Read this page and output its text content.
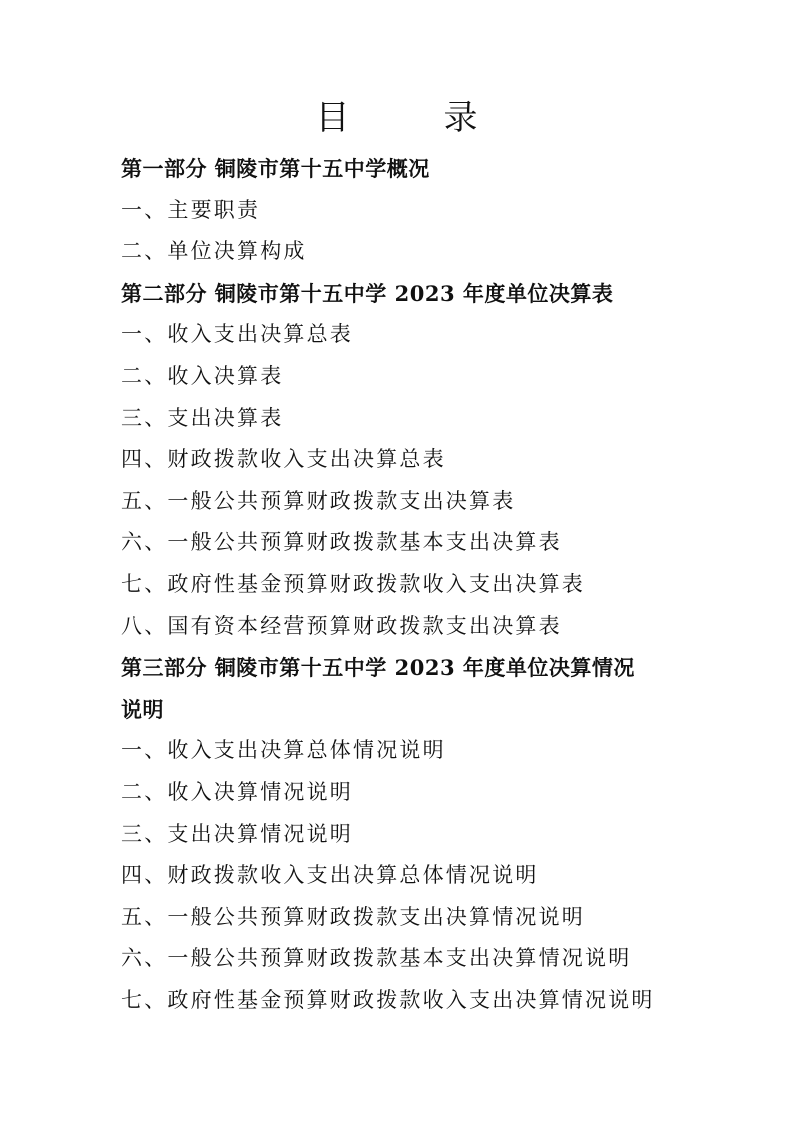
目　录
第一部分 铜陵市第十五中学概况
一、主要职责
二、单位决算构成
第二部分 铜陵市第十五中学 2023 年度单位决算表
一、收入支出决算总表
二、收入决算表
三、支出决算表
四、财政拨款收入支出决算总表
五、一般公共预算财政拨款支出决算表
六、一般公共预算财政拨款基本支出决算表
七、政府性基金预算财政拨款收入支出决算表
八、国有资本经营预算财政拨款支出决算表
第三部分 铜陵市第十五中学 2023 年度单位决算情况
说明
一、收入支出决算总体情况说明
二、收入决算情况说明
三、支出决算情况说明
四、财政拨款收入支出决算总体情况说明
五、一般公共预算财政拨款支出决算情况说明
六、一般公共预算财政拨款基本支出决算情况说明
七、政府性基金预算财政拨款收入支出决算情况说明
